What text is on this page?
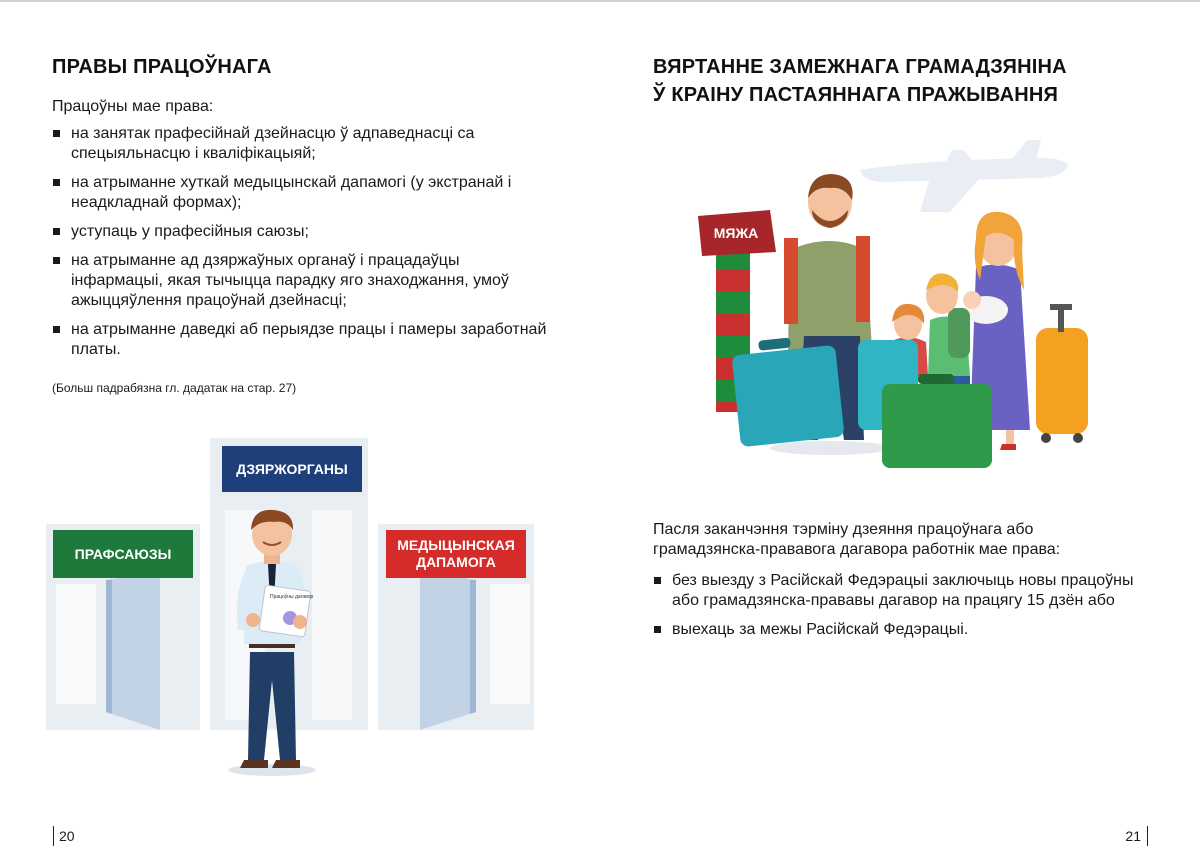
ПРАВЫ ПРАЦОЎНАГА
Працоўны мае права:
на занятак прафесійнай дзейнасцю ў адпаведнасці са спецыяльнасцю і кваліфікацыяй;
на атрыманне хуткай медыцынскай дапамогі (у экстранай і неадкладнай формах);
уступаць у прафесійныя саюзы;
на атрыманне ад дзяржаўных органаў і працадаўцы інфармацыі, якая тычыцца парадку яго знаходжання, умоў ажыццяўлення працоўнай дзейнасці;
на атрыманне даведкі аб перыядзе працы і памеры заработнай платы.
(Больш падрабязна гл. дадатак на стар. 27)
Працоўны дагавор
ДЗЯРЖОРГАНЫ
ПРАФСАЮЗЫ
МЕДЫЦЫНСКАЯ ДАПАМОГА
20
ВЯРТАННЕ ЗАМЕЖНАГА ГРАМАДЗЯНІНА
Ў КРАІНУ ПАСТАЯННАГА ПРАЖЫВАННЯ
МЯЖА
Пасля заканчэння тэрміну дзеяння працоўнага або грамадзянска-прававога дагавора работнік мае права:
без выезду з Расійскай Федэрацыі заключыць новы працоўны або грамадзянска-прававы дагавор на працягу 15 дзён або
выехаць за межы Расійскай Федэрацыі.
21
